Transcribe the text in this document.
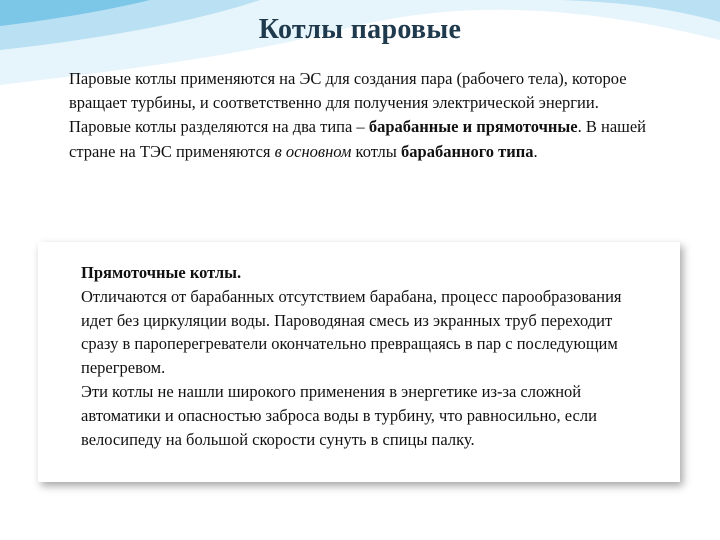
Котлы паровые

Паровые котлы применяются на ЭС для создания пара (рабочего тела), которое вращает турбины, и соответственно для получения электрической энергии.

Паровые котлы разделяются на два типа – барабанные и прямоточные. В нашей стране на ТЭС применяются в основном котлы барабанного типа.

Прямоточные котлы.

Отличаются от барабанных отсутствием барабана, процесс парообразования идет без циркуляции воды. Пароводяная смесь из экранных труб переходит сразу в пароперегреватели окончательно превращаясь в пар с последующим перегревом.

Эти котлы не нашли широкого применения в энергетике из-за сложной автоматики и опасностью заброса воды в турбину, что равносильно, если велосипеду на большой скорости сунуть в спицы палку.
